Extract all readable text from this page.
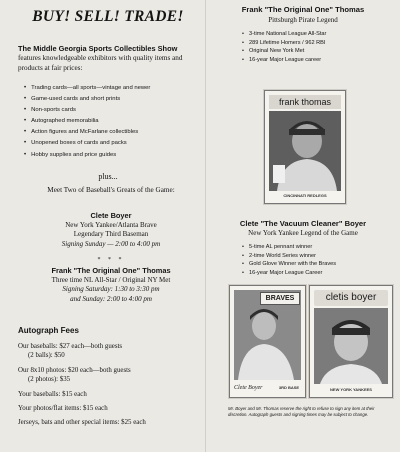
BUY! SELL! TRADE!
The Middle Georgia Sports Collectibles Show
features knowledgeable exhibitors with quality items and products at fair prices:
• Trading cards—all sports—vintage and newer
• Game-used cards and short prints
• Non-sports cards
• Autographed memorabilia
• Action figures and McFarlane collectibles
• Unopened boxes of cards and packs
• Hobby supplies and price guides
plus...
Meet Two of Baseball's Greats of the Game:
Clete Boyer
New York Yankee/Atlanta Brave
Legendary Third Baseman
Signing Sunday — 2:00 to 4:00 pm
* * *
Frank "The Original One" Thomas
Three time NL All-Star / Original NY Met
Signing Saturday: 1:30 to 3:30 pm
and Sunday: 2:00 to 4:00 pm
Autograph Fees
Our baseballs: $27 each—both guests
(2 balls): $50
Our 8x10 photos: $20 each—both guests
(2 photos): $35
Your baseballs: $15 each
Your photos/flat items: $15 each
Jerseys, bats and other special items: $25 each
Frank "The Original One" Thomas
Pittsburgh Pirate Legend
• 3-time National League All-Star
• 289 Lifetime Homers / 962 RBI
• Original New York Met
• 16-year Major League career
frank thomas
CINCINNATI REDLEGS
Clete "The Vacuum Cleaner" Boyer
New York Yankee Legend of the Game
• 5-time AL pennant winner
• 2-time World Series winner
• Gold Glove Winner with the Braves
• 16-year Major League Career
BRAVES
Clete Boyer	3RD BASE
cletis boyer
NEW YORK YANKEES
Mr. Boyer and Mr. Thomas reserve the right to refuse to sign any item at their discretion. Autograph guests and signing times may be subject to change.
